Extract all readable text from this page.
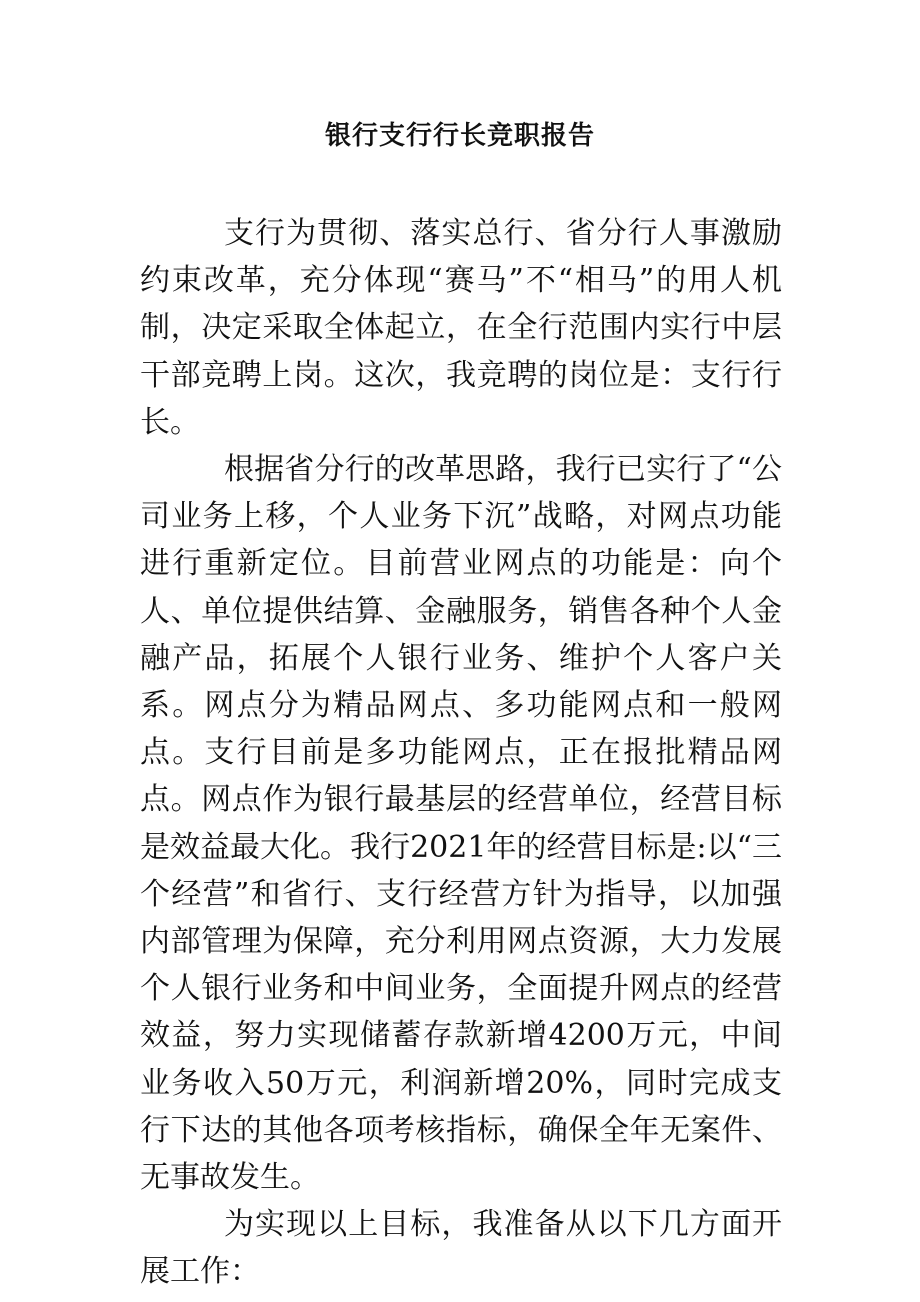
银行支行行长竞职报告

支行为贯彻、落实总行、省分行人事激励约束改革，充分体现“赛马”不“相马”的用人机制，决定采取全体起立，在全行范围内实行中层干部竞聘上岗。这次，我竞聘的岗位是：支行行长。

根据省分行的改革思路，我行已实行了“公司业务上移，个人业务下沉”战略，对网点功能进行重新定位。目前营业网点的功能是：向个人、单位提供结算、金融服务，销售各种个人金融产品，拓展个人银行业务、维护个人客户关系。网点分为精品网点、多功能网点和一般网点。支行目前是多功能网点，正在报批精品网点。网点作为银行最基层的经营单位，经营目标是效益最大化。我行2021年的经营目标是:以“三个经营”和省行、支行经营方针为指导，以加强内部管理为保障，充分利用网点资源，大力发展个人银行业务和中间业务，全面提升网点的经营效益，努力实现储蓄存款新增4200万元，中间业务收入50万元，利润新增20%，同时完成支行下达的其他各项考核指标，确保全年无案件、无事故发生。

为实现以上目标，我准备从以下几方面开展工作：
